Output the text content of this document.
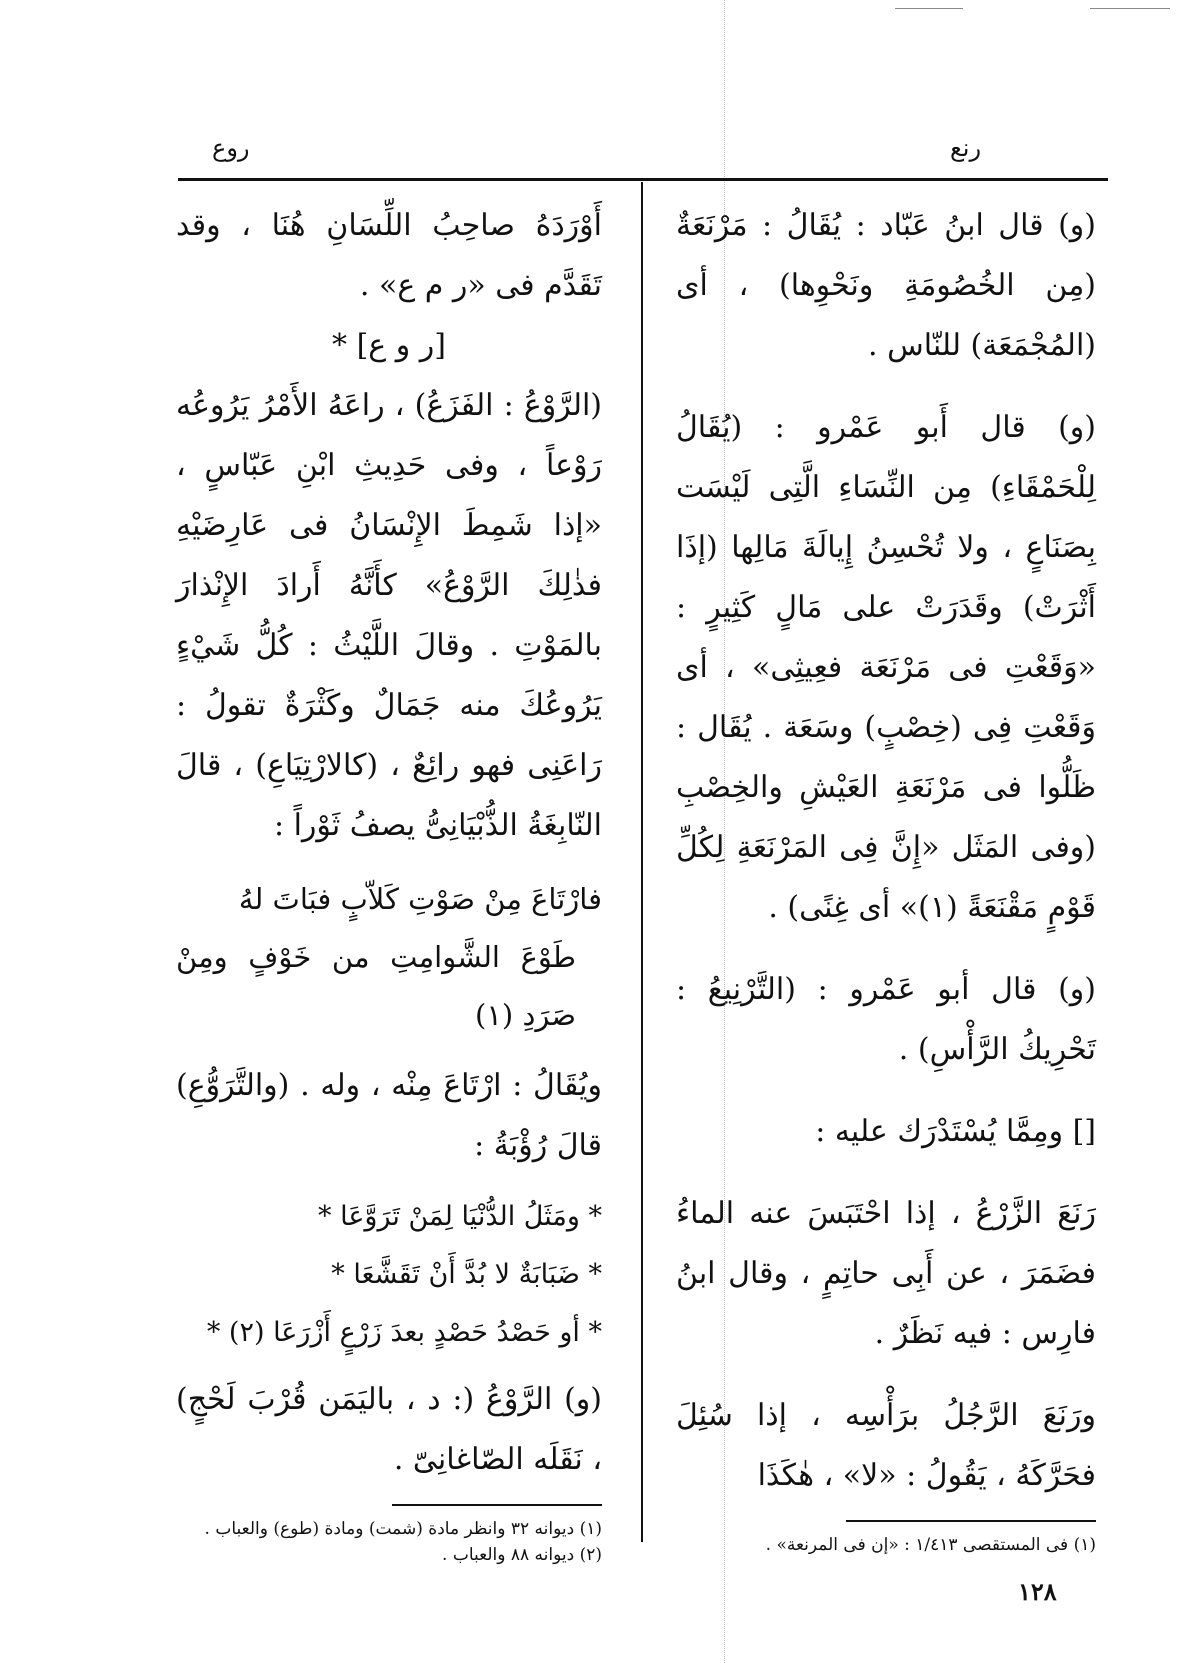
رنع
روع

(و) قال ابنُ عَبّاد : يُقَالُ : مَرْنَعَةٌ (مِن الخُصُومَةِ ونَحْوِها) ، أى (المُجْمَعَة) للنّاس .

(و) قال أَبو عَمْرو : (يُقَالُ لِلْحَمْقَاءِ) مِن النِّسَاءِ الَّتِى لَيْسَت بِصَنَاعٍ ، ولا تُحْسِنُ إِيالَةَ مَالِها (إذَا أَثْرَتْ) وقَدَرَتْ على مَالٍ كَثِيرٍ : «وَقَعْتِ فى مَرْنَعَة فعِيثِى» ، أى وَقَعْتِ فِى (خِصْبٍ) وسَعَة . يُقَال : ظَلُّوا فى مَرْنَعَةِ العَيْشِ والخِصْبِ (وفى المَثَل «إِنَّ فِى المَرْنَعَةِ لِكُلِّ قَوْمٍ مَقْنَعَةً (١)» أى غِنًى) .

(و) قال أبو عَمْرو : (التَّرْنِيعُ : تَحْرِيكُ الرَّأْسِ) .

[] ومِمَّا يُسْتَدْرَك عليه :

رَنَعَ الزَّرْعُ ، إذا احْتَبَسَ عنه الماءُ فضَمَرَ ، عن أَبِى حاتِمٍ ، وقال ابنُ فارِس : فيه نَظَرٌ .

ورَنَعَ الرَّجُلُ برَأْسِه ، إذا سُئِلَ فحَرَّكَهُ ، يَقُولُ : «لا» ، هٰكَذَا

(١) فى المستقصى ١/٤١٣ : «إن فى المرنعة» .

أَوْرَدَهُ صاحِبُ اللِّسَانِ هُنَا ، وقد تَقَدَّم فى «ر م ع» .

[ر و ع] *

(الرَّوْعُ : الفَزَعُ) ، راعَهُ الأَمْرُ يَرُوعُه رَوْعاً ، وفى حَدِيثِ ابْنِ عَبّاسٍ ، «إذا شَمِطَ الإِنْسَانُ فى عَارِضَيْهِ فذٰلِكَ الرَّوْعُ» كأَنَّهُ أَرادَ الإِنْذارَ بالمَوْتِ . وقالَ اللَّيْثُ : كُلُّ شَيْءٍ يَرُوعُكَ منه جَمَالٌ وكَثْرَةٌ تقولُ : رَاعَنِى فهو رائِعٌ ، (كالارْتِيَاعِ) ، قالَ النّابِغَةُ الذُّبْيَانِىُّ يصفُ ثَوْراً :

فارْتَاعَ مِنْ صَوْتِ كَلاّبٍ فبَاتَ لهُ

طَوْعَ الشَّوامِتِ من خَوْفٍ ومِنْ صَرَدِ (١)

ويُقَالُ : ارْتَاعَ مِنْه ، وله . (والتَّرَوُّعِ) قالَ رُؤْبَةُ :

* ومَثَلُ الدُّنْيَا لِمَنْ تَرَوَّعَا *

* ضَبَابَةٌ لا بُدَّ أَنْ تَقَشَّعَا *

* أو حَصْدُ حَصْدٍ بعدَ زَرْعٍ أَزْرَعَا (٢) *

(و) الرَّوْعُ (: د ، باليَمَن قُرْبَ لَحْجٍ) ، نَقَلَه الصّاغانِىّ .

(١) ديوانه ٣٢ وانظر مادة (شمت) ومادة (طوع) والعباب .

(٢) ديوانه ٨٨ والعباب .

١٢٨
